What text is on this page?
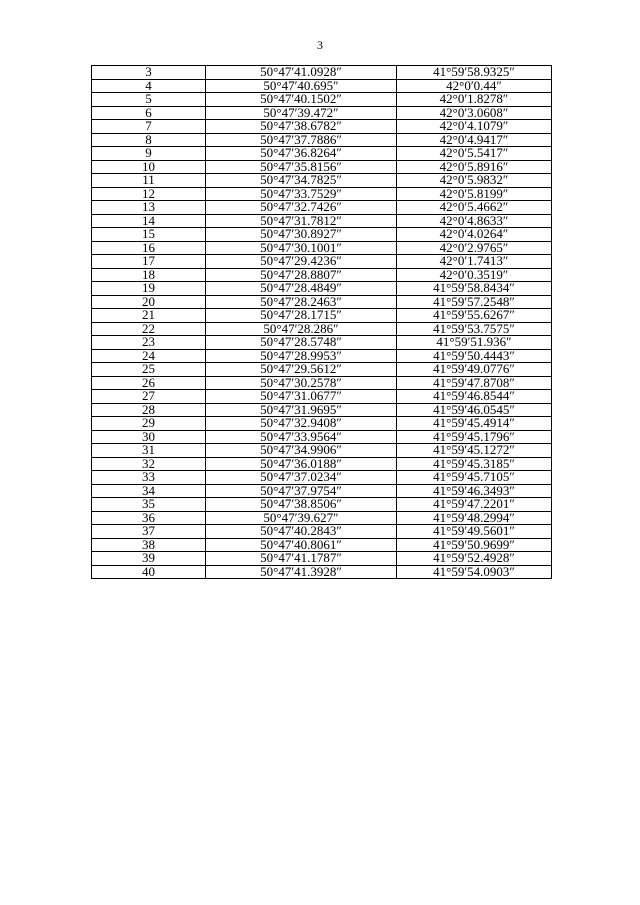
3
3	50°47′41.0928″	41°59′58.9325″
4	50°47′40.695″	42°0′0.44″
5	50°47′40.1502″	42°0′1.8278″
6	50°47′39.472″	42°0′3.0608″
7	50°47′38.6782″	42°0′4.1079″
8	50°47′37.7886″	42°0′4.9417″
9	50°47′36.8264″	42°0′5.5417″
10	50°47′35.8156″	42°0′5.8916″
11	50°47′34.7825″	42°0′5.9832″
12	50°47′33.7529″	42°0′5.8199″
13	50°47′32.7426″	42°0′5.4662″
14	50°47′31.7812″	42°0′4.8633″
15	50°47′30.8927″	42°0′4.0264″
16	50°47′30.1001″	42°0′2.9765″
17	50°47′29.4236″	42°0′1.7413″
18	50°47′28.8807″	42°0′0.3519″
19	50°47′28.4849″	41°59′58.8434″
20	50°47′28.2463″	41°59′57.2548″
21	50°47′28.1715″	41°59′55.6267″
22	50°47′28.286″	41°59′53.7575″
23	50°47′28.5748″	41°59′51.936″
24	50°47′28.9953″	41°59′50.4443″
25	50°47′29.5612″	41°59′49.0776″
26	50°47′30.2578″	41°59′47.8708″
27	50°47′31.0677″	41°59′46.8544″
28	50°47′31.9695″	41°59′46.0545″
29	50°47′32.9408″	41°59′45.4914″
30	50°47′33.9564″	41°59′45.1796″
31	50°47′34.9906″	41°59′45.1272″
32	50°47′36.0188″	41°59′45.3185″
33	50°47′37.0234″	41°59′45.7105″
34	50°47′37.9754″	41°59′46.3493″
35	50°47′38.8506″	41°59′47.2201″
36	50°47′39.627″	41°59′48.2994″
37	50°47′40.2843″	41°59′49.5601″
38	50°47′40.8061″	41°59′50.9699″
39	50°47′41.1787″	41°59′52.4928″
40	50°47′41.3928″	41°59′54.0903″
